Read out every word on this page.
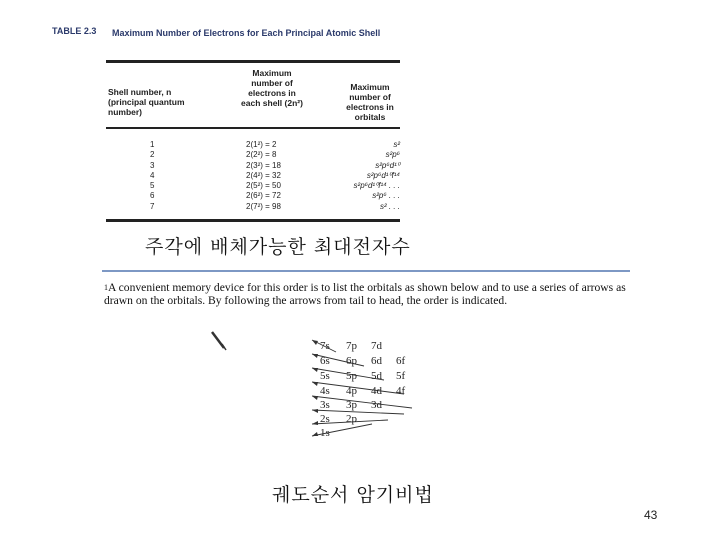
TABLE 2.3 Maximum Number of Electrons for Each Principal Atomic Shell
Shell number, n (principal quantum number)
Maximum number of electrons in each shell (2n²)
Maximum number of electrons in orbitals
1
2
3
4
5
6
7
2(1²) = 2
2(2²) = 8
2(3²) = 18
2(4²) = 32
2(5²) = 50
2(6²) = 72
2(7²) = 98
s²
s²p⁶
s²p⁶d¹⁰
s²p⁶d¹⁰f¹⁴
s²p⁶d¹⁰f¹⁴ . . .
s²p⁶ . . .
s² . . .
주각에 배체가능한 최대전자수
$^1$A convenient memory device for this order is to list the orbitals as shown below and to use a series of arrows as drawn on the orbitals. By following the arrows from tail to head, the order is indicated.
7s 7p 7d
6s 6p 6d 6f
5s 5p 5d 5f
4s 4p 4d 4f
3s 3p 3d
2s 2p
1s
궤도순서 암기비법
43
